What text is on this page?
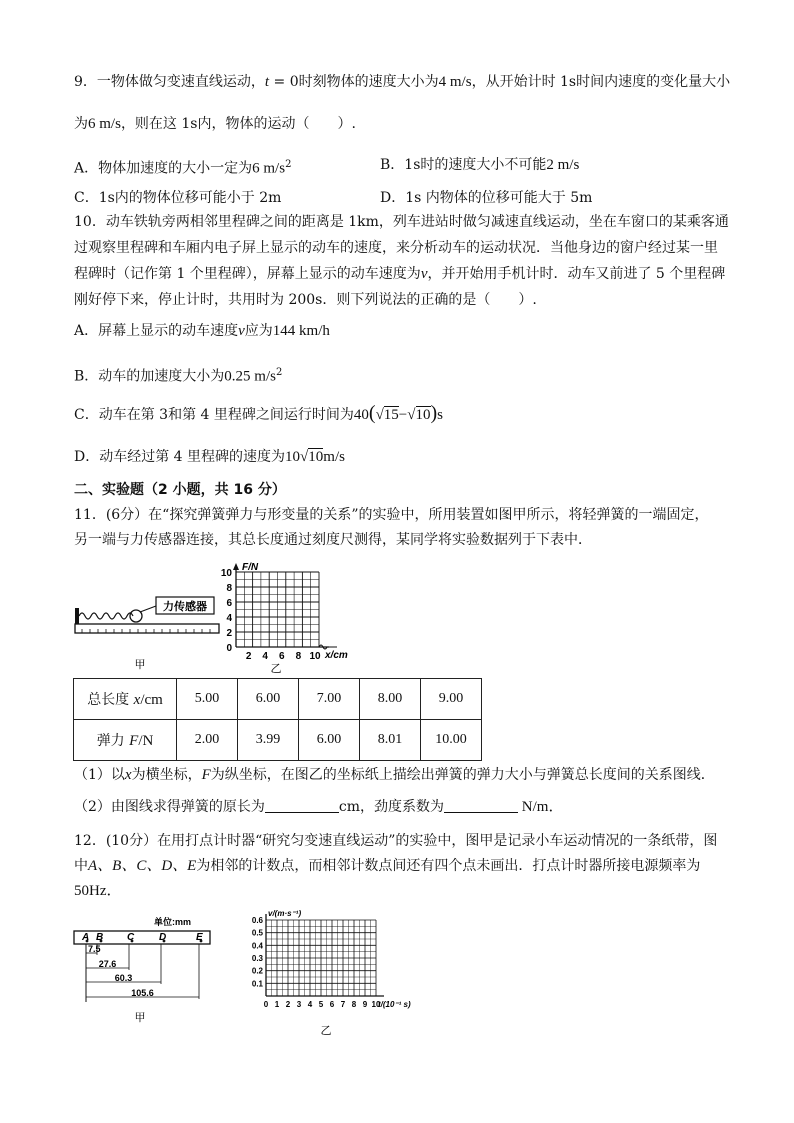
9．一物体做匀变速直线运动，t = 0时刻物体的速度大小为4 m/s，从开始计时 1s时间内速度的变化量大小
为6 m/s，则在这 1s内，物体的运动（　　）.
A．物体加速度的大小一定为6 $m/s^2$	B．1s时的速度大小不可能2 m/s
C．1s内的物体位移可能小于 2m	D．1s 内物体的位移可能大于 5m
10．动车铁轨旁两相邻里程碑之间的距离是 1km，列车进站时做匀减速直线运动，坐在车窗口的某乘客通
过观察里程碑和车厢内电子屏上显示的动车的速度，来分析动车的运动状况．当他身边的窗户经过某一里
程碑时（记作第 1 个里程碑），屏幕上显示的动车速度为v，并开始用手机计时．动车又前进了 5 个里程碑
刚好停下来，停止计时，共用时为 200s．则下列说法的正确的是（　　）.
A．屏幕上显示的动车速度v应为144 km/h
B．动车的加速度大小为0.25 $m/s^2$
C．动车在第 3和第 4 里程碑之间运行时间为40(√15−√10)s
D．动车经过第 4 里程碑的速度为10√10m/s
二、实验题（2 小题，共 16 分）
11．(6分）在“探究弹簧弹力与形变量的关系”的实验中，所用装置如图甲所示，将轻弹簧的一端固定，
另一端与力传感器连接，其总长度通过刻度尺测得，某同学将实验数据列于下表中．
力传感器
甲
F/N
x/cm
0
2
4
6
8
10
2 4 6 8 10
乙
总长度 x/cm	5.00	6.00	7.00	8.00	9.00
弹力 F/N	2.00	3.99	6.00	8.01	10.00
（1）以x为横坐标，F为纵坐标，在图乙的坐标纸上描绘出弹簧的弹力大小与弹簧总长度间的关系图线．
（2）由图线求得弹簧的原长为	cm，劲度系数为	N/m．
12．(10分）在用打点计时器“研究匀变速直线运动”的实验中，图甲是记录小车运动情况的一条纸带，图
中A、B、C、D、E为相邻的计数点，而相邻计数点间还有四个点未画出．打点计时器所接电源频率为
50Hz．
单位:mm
A B C D	E
7.5
27.6
60.3
105.6
甲
v/(m·s⁻¹)
t/(10⁻¹ s)
0.6
0.5
0.4
0.3
0.2
0.1
0 1 2 3 4 5 6 7 8 9 10
乙
